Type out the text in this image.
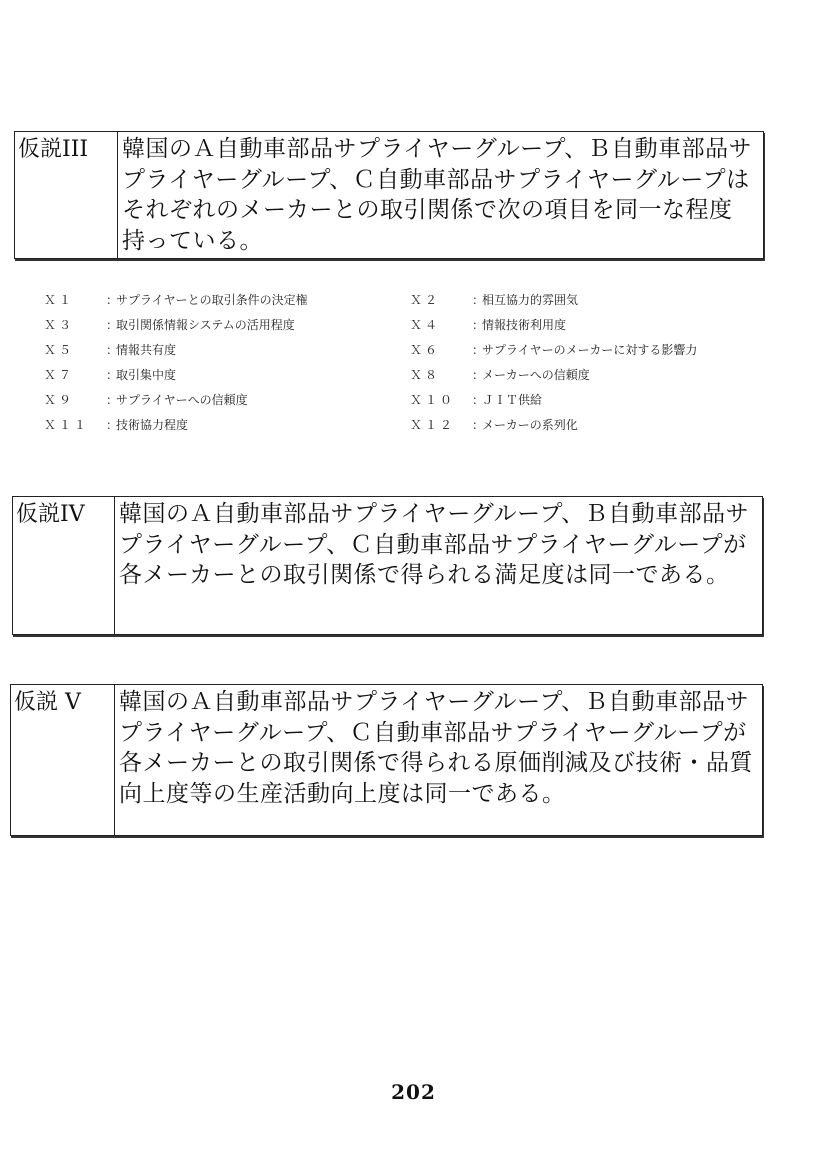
仮説III	韓国のＡ自動車部品サプライヤーグループ、Ｂ自動車部品サプライヤーグループ、Ｃ自動車部品サプライヤーグループはそれぞれのメーカーとの取引関係で次の項目を同一な程度持っている。
Ｘ１	：サプライヤーとの取引条件の決定権	Ｘ２	：相互協力的雰囲気
Ｘ３	：取引関係情報システムの活用程度	Ｘ４	：情報技術利用度
Ｘ５	：情報共有度	Ｘ６	：サプライヤーのメーカーに対する影響力
Ｘ７	：取引集中度	Ｘ８	：メーカーへの信頼度
Ｘ９	：サプライヤーへの信頼度	Ｘ１０ ：ＪＩＴ供給
Ｘ１１ ：技術協力程度	Ｘ１２ ：メーカーの系列化
仮説IV	韓国のＡ自動車部品サプライヤーグループ、Ｂ自動車部品サプライヤーグループ、Ｃ自動車部品サプライヤーグループが各メーカーとの取引関係で得られる満足度は同一である。
仮説 V	韓国のＡ自動車部品サプライヤーグループ、Ｂ自動車部品サプライヤーグループ、Ｃ自動車部品サプライヤーグループが各メーカーとの取引関係で得られる原価削減及び技術・品質向上度等の生産活動向上度は同一である。
202
